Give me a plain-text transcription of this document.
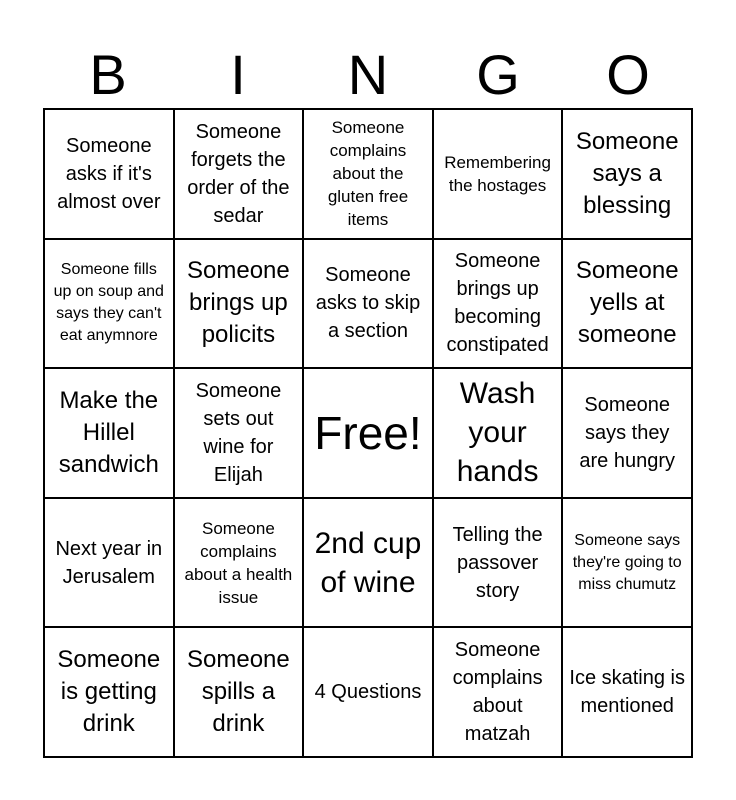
B	I	N	G	O
Someone asks if it's almost over
Someone forgets the order of the sedar
Someone complains about the gluten free items
Remembering the hostages
Someone says a blessing
Someone fills up on soup and says they can't eat anymnore
Someone brings up policits
Someone asks to skip a section
Someone brings up becoming constipated
Someone yells at someone
Make the Hillel sandwich
Someone sets out wine for Elijah
Free!
Wash your hands
Someone says they are hungry
Next year in Jerusalem
Someone complains about a health issue
2nd cup of wine
Telling the passover story
Someone says they're going to miss chumutz
Someone is getting drink
Someone spills a drink
4 Questions
Someone complains about matzah
Ice skating is mentioned
